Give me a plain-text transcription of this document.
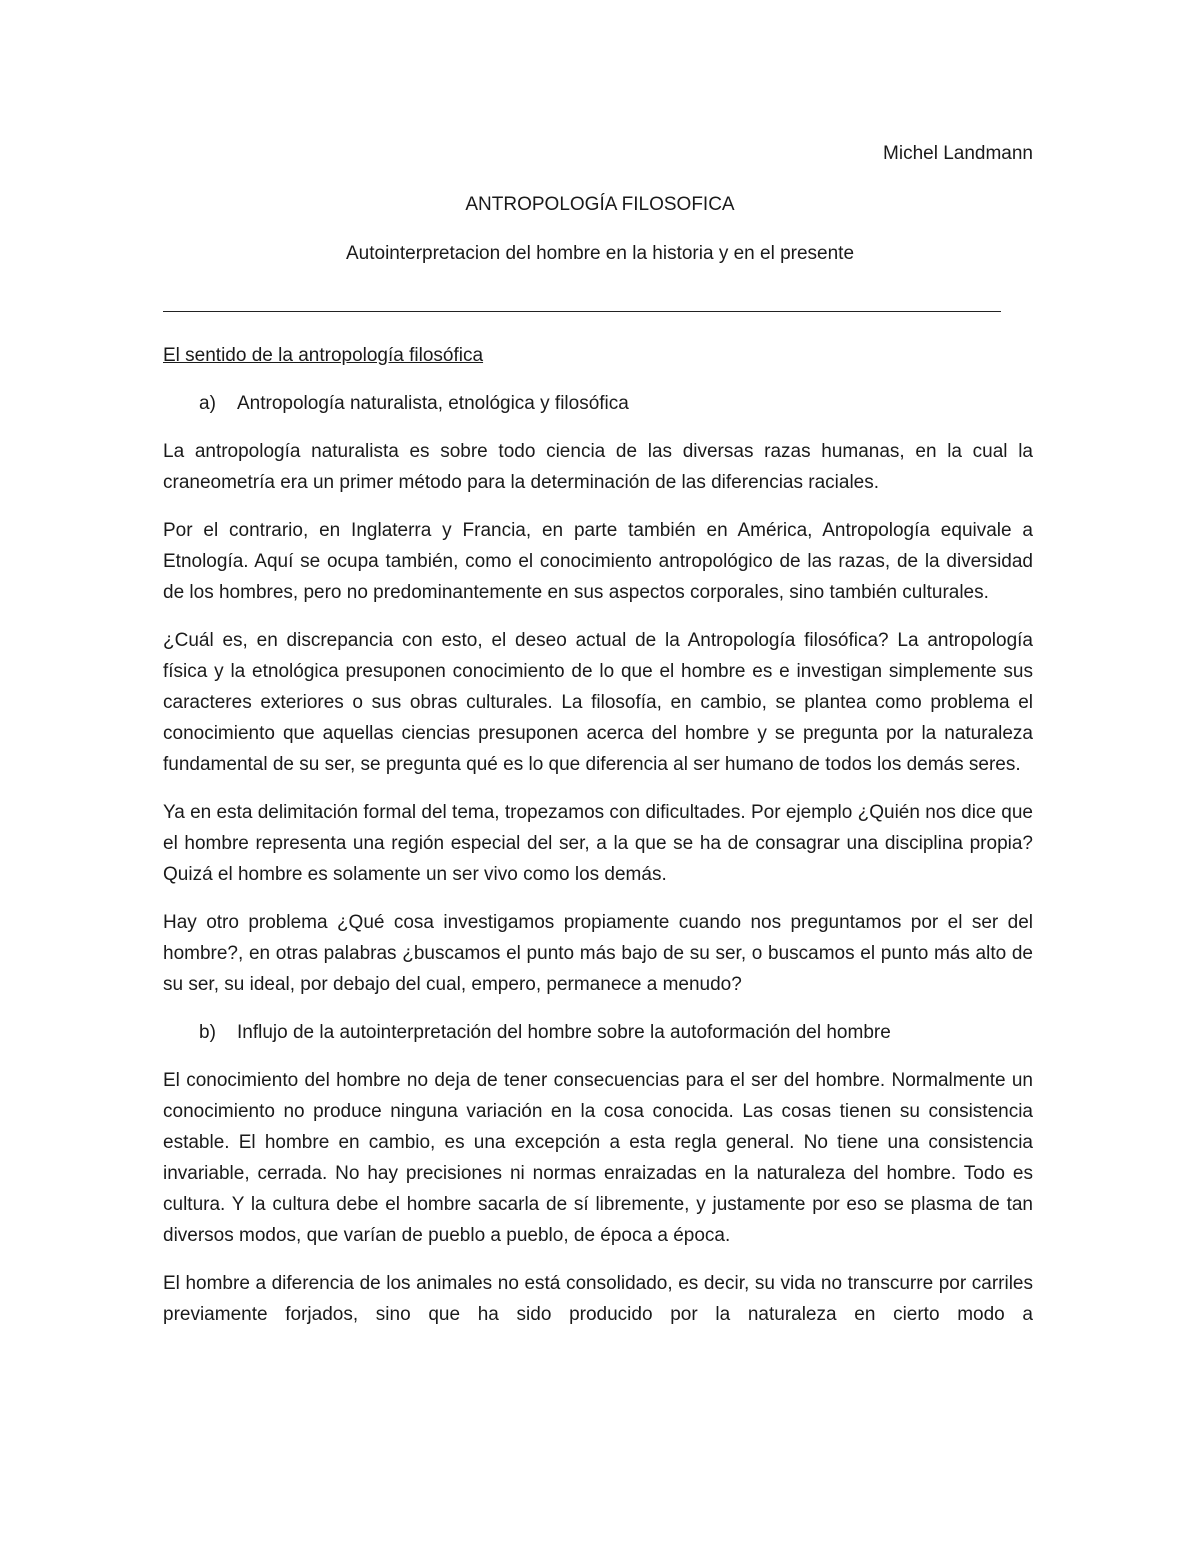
Michel Landmann
ANTROPOLOGÍA FILOSOFICA
Autointerpretacion del hombre en la historia y en el presente

El sentido de la antropología filosófica

a)	Antropología naturalista, etnológica y filosófica

La antropología naturalista es sobre todo ciencia de las diversas razas humanas, en la cual la craneometría era un primer método para la determinación de las diferencias raciales.

Por el contrario, en Inglaterra y Francia, en parte también en América, Antropología equivale a Etnología. Aquí se ocupa también, como el conocimiento antropológico de las razas, de la diversidad de los hombres, pero no predominantemente en sus aspectos corporales, sino también culturales.

¿Cuál es, en discrepancia con esto, el deseo actual de la Antropología filosófica? La antropología física y la etnológica presuponen conocimiento de lo que el hombre es e investigan simplemente sus caracteres exteriores o sus obras culturales. La filosofía, en cambio, se plantea como problema el conocimiento que aquellas ciencias presuponen acerca del hombre y se pregunta por la naturaleza fundamental de su ser, se pregunta qué es lo que diferencia al ser humano de todos los demás seres.

Ya en esta delimitación formal del tema, tropezamos con dificultades. Por ejemplo ¿Quién nos dice que el hombre representa una región especial del ser, a la que se ha de consagrar una disciplina propia? Quizá el hombre es solamente un ser vivo como los demás.

Hay otro problema ¿Qué cosa investigamos propiamente cuando nos preguntamos por el ser del hombre?, en otras palabras ¿buscamos el punto más bajo de su ser, o buscamos el punto más alto de su ser, su ideal, por debajo del cual, empero, permanece a menudo?

b)	Influjo de la autointerpretación del hombre sobre la autoformación del hombre

El conocimiento del hombre no deja de tener consecuencias para el ser del hombre. Normalmente un conocimiento no produce ninguna variación en la cosa conocida. Las cosas tienen su consistencia estable. El hombre en cambio, es una excepción a esta regla general. No tiene una consistencia invariable, cerrada. No hay precisiones ni normas enraizadas en la naturaleza del hombre. Todo es cultura. Y la cultura debe el hombre sacarla de sí libremente, y justamente por eso se plasma de tan diversos modos, que varían de pueblo a pueblo, de época a época.

El hombre a diferencia de los animales no está consolidado, es decir, su vida no transcurre por carriles previamente forjados, sino que ha sido producido por la naturaleza en cierto modo a
